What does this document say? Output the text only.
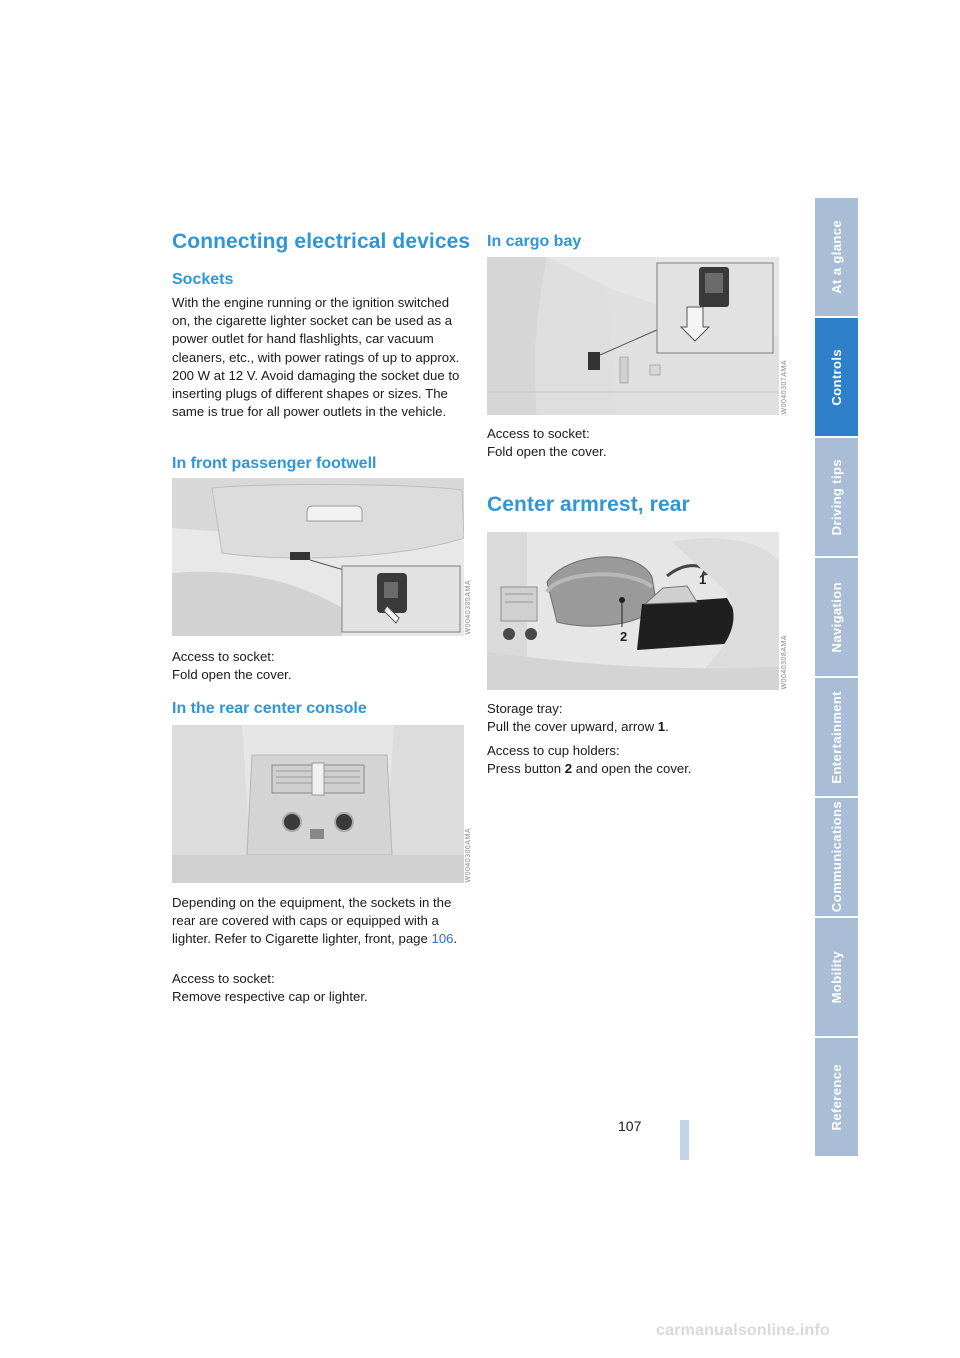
Connecting electrical devices
Sockets

With the engine running or the ignition switched on, the cigarette lighter socket can be used as a power outlet for hand flashlights, car vacuum cleaners, etc., with power ratings of up to approx. 200 W at 12 V. Avoid damaging the socket due to inserting plugs of different shapes or sizes. The same is true for all power outlets in the vehicle.

In front passenger footwell
W0040305AMA

Access to socket:

Fold open the cover.

In the rear center console
W0040306AMA

Depending on the equipment, the sockets in the rear are covered with caps or equipped with a lighter. Refer to Cigarette lighter, front, page 106.

Access to socket:

Remove respective cap or lighter.

In cargo bay
W0040307AMA

Access to socket:

Fold open the cover.

Center armrest, rear
2
1
W0040308AMA

Storage tray:

Pull the cover upward, arrow 1.

Access to cup holders:

Press button 2 and open the cover.

At a glance
Controls
Driving tips
Navigation
Entertainment
Communications
Mobility
Reference
107
carmanualsonline.info
